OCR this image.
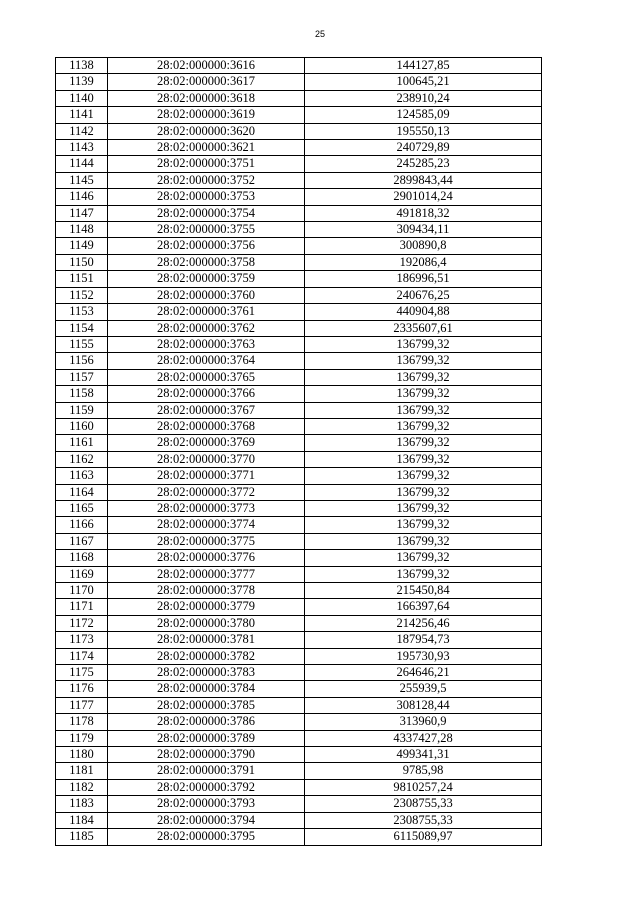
25
1138	28:02:000000:3616	144127,85
1139	28:02:000000:3617	100645,21
1140	28:02:000000:3618	238910,24
1141	28:02:000000:3619	124585,09
1142	28:02:000000:3620	195550,13
1143	28:02:000000:3621	240729,89
1144	28:02:000000:3751	245285,23
1145	28:02:000000:3752	2899843,44
1146	28:02:000000:3753	2901014,24
1147	28:02:000000:3754	491818,32
1148	28:02:000000:3755	309434,11
1149	28:02:000000:3756	300890,8
1150	28:02:000000:3758	192086,4
1151	28:02:000000:3759	186996,51
1152	28:02:000000:3760	240676,25
1153	28:02:000000:3761	440904,88
1154	28:02:000000:3762	2335607,61
1155	28:02:000000:3763	136799,32
1156	28:02:000000:3764	136799,32
1157	28:02:000000:3765	136799,32
1158	28:02:000000:3766	136799,32
1159	28:02:000000:3767	136799,32
1160	28:02:000000:3768	136799,32
1161	28:02:000000:3769	136799,32
1162	28:02:000000:3770	136799,32
1163	28:02:000000:3771	136799,32
1164	28:02:000000:3772	136799,32
1165	28:02:000000:3773	136799,32
1166	28:02:000000:3774	136799,32
1167	28:02:000000:3775	136799,32
1168	28:02:000000:3776	136799,32
1169	28:02:000000:3777	136799,32
1170	28:02:000000:3778	215450,84
1171	28:02:000000:3779	166397,64
1172	28:02:000000:3780	214256,46
1173	28:02:000000:3781	187954,73
1174	28:02:000000:3782	195730,93
1175	28:02:000000:3783	264646,21
1176	28:02:000000:3784	255939,5
1177	28:02:000000:3785	308128,44
1178	28:02:000000:3786	313960,9
1179	28:02:000000:3789	4337427,28
1180	28:02:000000:3790	499341,31
1181	28:02:000000:3791	9785,98
1182	28:02:000000:3792	9810257,24
1183	28:02:000000:3793	2308755,33
1184	28:02:000000:3794	2308755,33
1185	28:02:000000:3795	6115089,97
